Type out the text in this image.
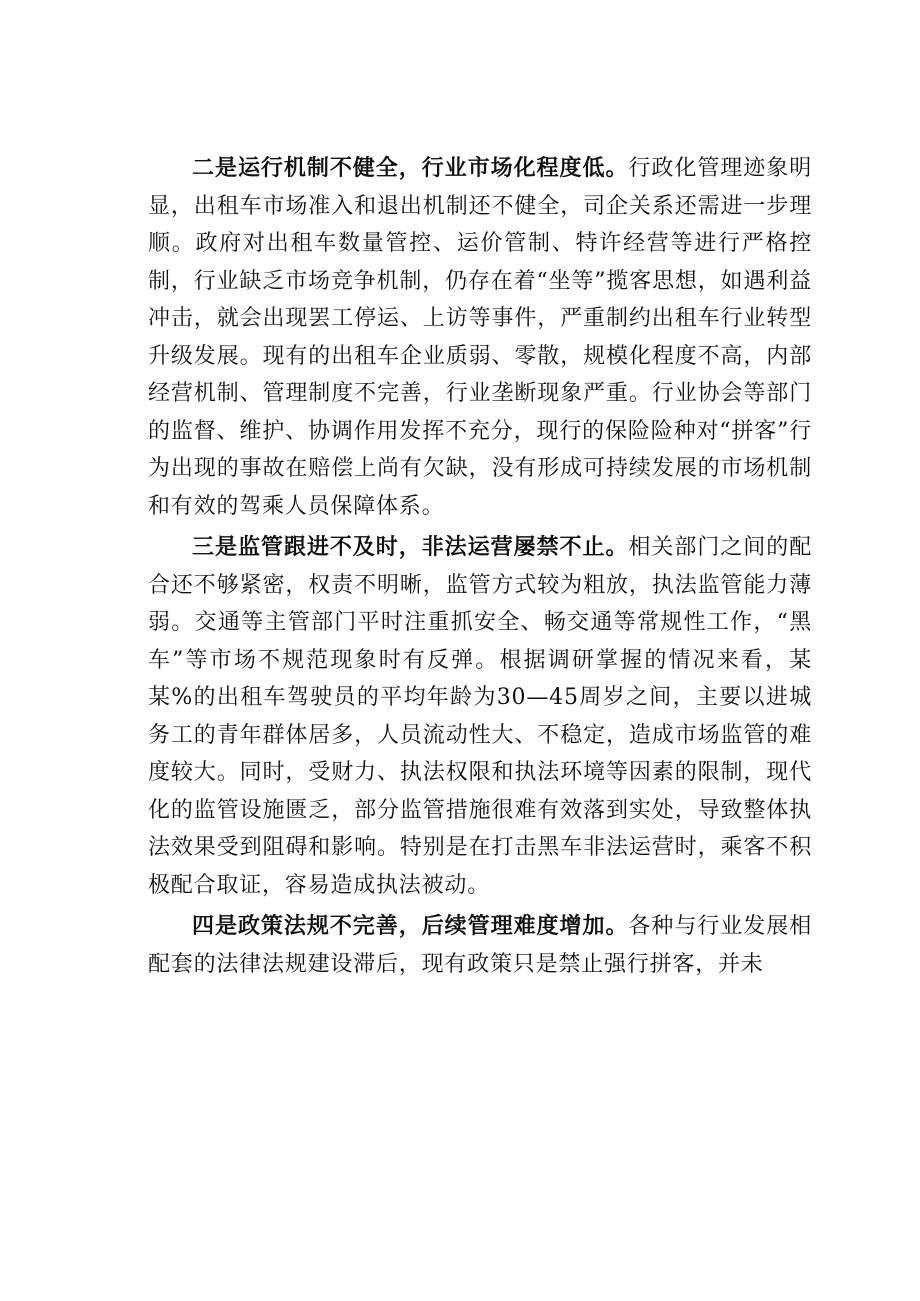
二是运行机制不健全，行业市场化程度低。行政化管理迹象明显，出租车市场准入和退出机制还不健全，司企关系还需进一步理顺。政府对出租车数量管控、运价管制、特许经营等进行严格控制，行业缺乏市场竞争机制，仍存在着“坐等”揽客思想，如遇利益冲击，就会出现罢工停运、上访等事件，严重制约出租车行业转型升级发展。现有的出租车企业质弱、零散，规模化程度不高，内部经营机制、管理制度不完善，行业垄断现象严重。行业协会等部门的监督、维护、协调作用发挥不充分，现行的保险险种对“拼客”行为出现的事故在赔偿上尚有欠缺，没有形成可持续发展的市场机制和有效的驾乘人员保障体系。

三是监管跟进不及时，非法运营屡禁不止。相关部门之间的配合还不够紧密，权责不明晰，监管方式较为粗放，执法监管能力薄弱。交通等主管部门平时注重抓安全、畅交通等常规性工作，“黑车”等市场不规范现象时有反弹。根据调研掌握的情况来看，某某%的出租车驾驶员的平均年龄为30—45周岁之间，主要以进城务工的青年群体居多，人员流动性大、不稳定，造成市场监管的难度较大。同时，受财力、执法权限和执法环境等因素的限制，现代化的监管设施匮乏，部分监管措施很难有效落到实处，导致整体执法效果受到阻碍和影响。特别是在打击黑车非法运营时，乘客不积极配合取证，容易造成执法被动。

四是政策法规不完善，后续管理难度增加。各种与行业发展相配套的法律法规建设滞后，现有政策只是禁止强行拼客，并未
